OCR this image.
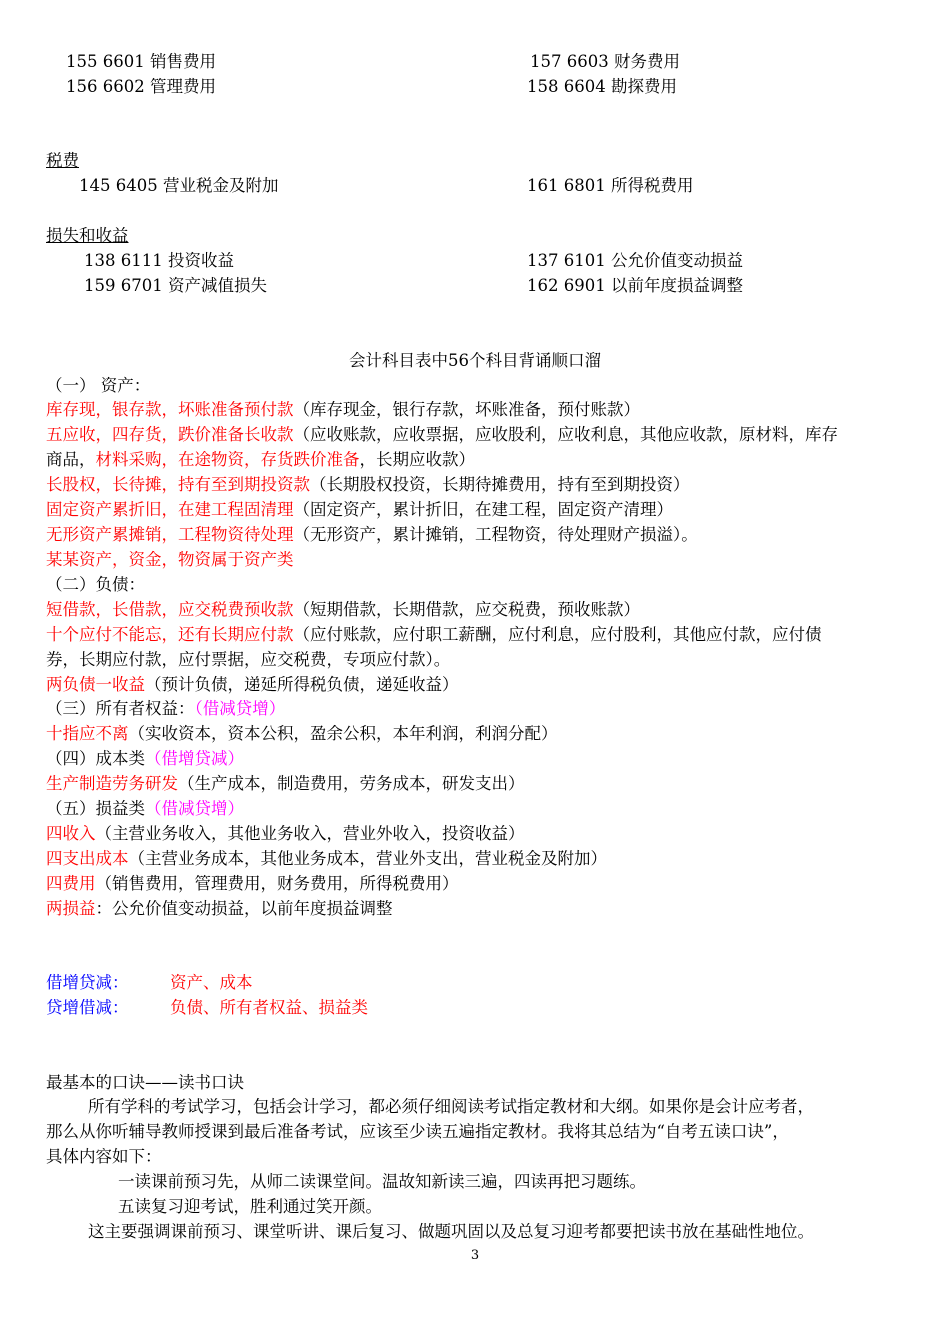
155 6601 销售费用	157 6603 财务费用
156 6602 管理费用	158 6604 勘探费用
税费
145 6405 营业税金及附加	161 6801 所得税费用
损失和收益
138 6111 投资收益	137 6101 公允价值变动损益
159 6701 资产减值损失	162 6901 以前年度损益调整
会计科目表中56个科目背诵顺口溜
（一） 资产：
库存现，银存款，坏账准备预付款（库存现金，银行存款，坏账准备，预付账款）
五应收，四存货，跌价准备长收款（应收账款，应收票据，应收股利，应收利息，其他应收款，原材料，库存
商品，材料采购，在途物资，存货跌价准备，长期应收款）
长股权，长待摊，持有至到期投资款（长期股权投资，长期待摊费用，持有至到期投资）
固定资产累折旧，在建工程固清理（固定资产，累计折旧，在建工程，固定资产清理）
无形资产累摊销，工程物资待处理（无形资产，累计摊销，工程物资，待处理财产损溢）。
某某资产，资金，物资属于资产类
（二）负债：
短借款，长借款，应交税费预收款（短期借款，长期借款，应交税费，预收账款）
十个应付不能忘，还有长期应付款（应付账款，应付职工薪酬，应付利息，应付股利，其他应付款，应付债
券，长期应付款，应付票据，应交税费，专项应付款）。
两负债一收益（预计负债，递延所得税负债，递延收益）
（三）所有者权益：（借减贷增）
十指应不离（实收资本，资本公积，盈余公积，本年利润，利润分配）
（四）成本类（借增贷减）
生产制造劳务研发（生产成本，制造费用，劳务成本，研发支出）
（五）损益类（借减贷增）
四收入（主营业务收入，其他业务收入，营业外收入，投资收益）
四支出成本（主营业务成本，其他业务成本，营业外支出，营业税金及附加）
四费用（销售费用，管理费用，财务费用，所得税费用）
两损益：公允价值变动损益，以前年度损益调整
借增贷减：	资产、成本
贷增借减：	负债、所有者权益、损益类
最基本的口诀——读书口诀
所有学科的考试学习，包括会计学习，都必须仔细阅读考试指定教材和大纲。如果你是会计应考者，
那么从你听辅导教师授课到最后准备考试，应该至少读五遍指定教材。我将其总结为“自考五读口诀”，
具体内容如下：
一读课前预习先，从师二读课堂间。温故知新读三遍，四读再把习题练。
五读复习迎考试，胜利通过笑开颜。
这主要强调课前预习、课堂听讲、课后复习、做题巩固以及总复习迎考都要把读书放在基础性地位。
3
